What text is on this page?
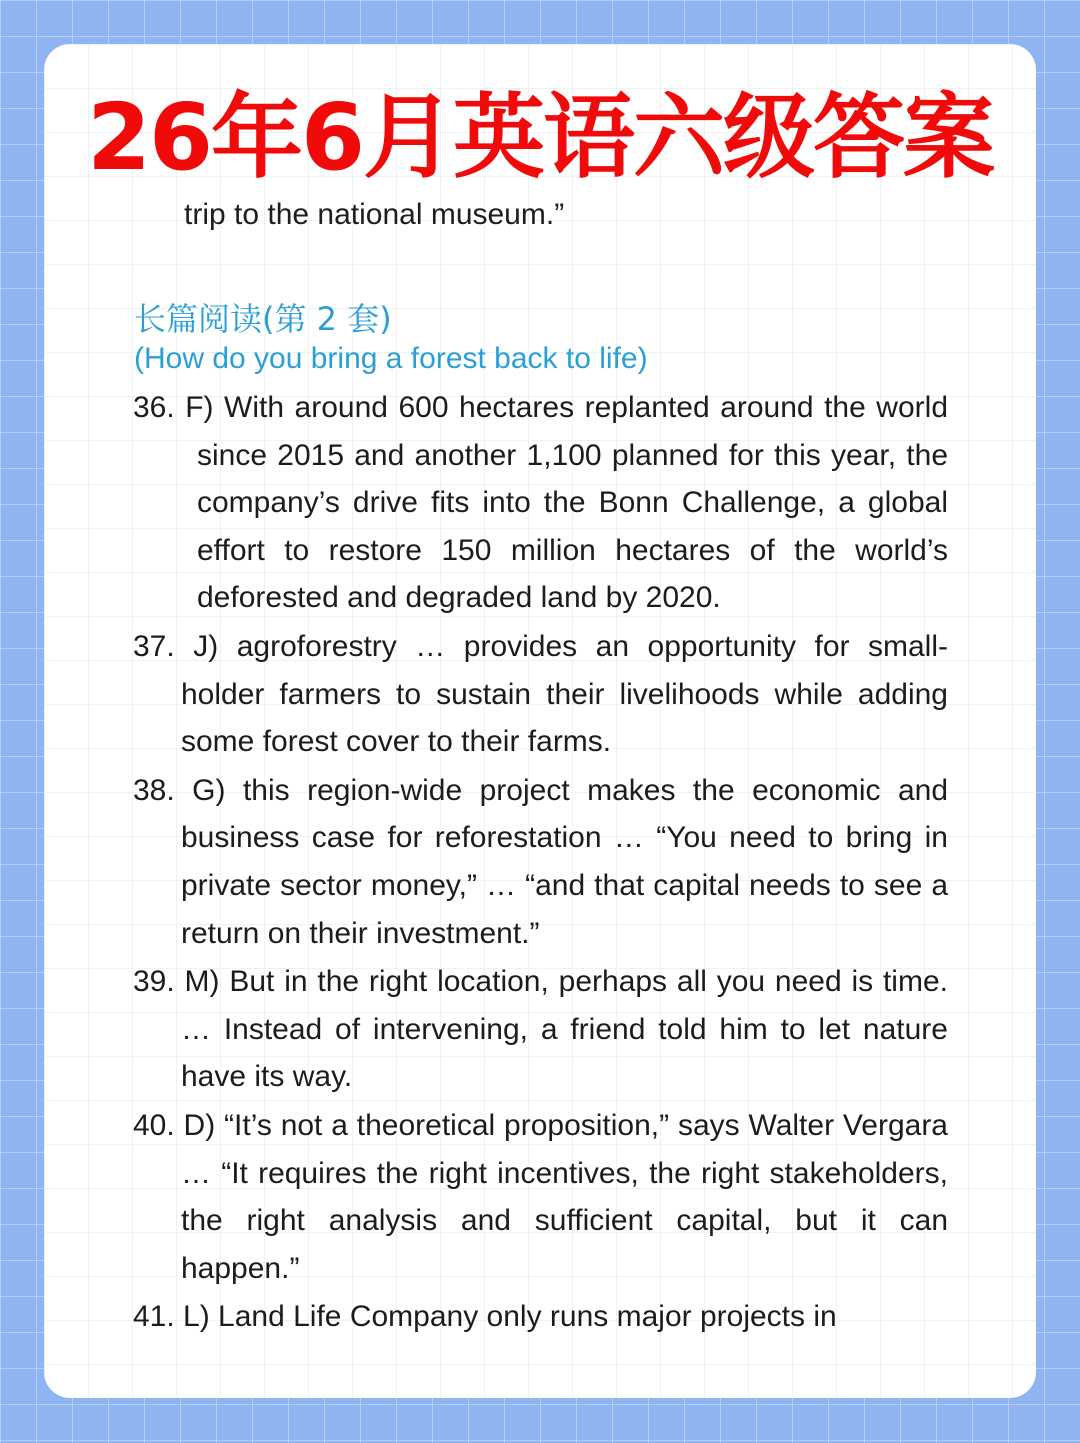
26年6月英语六级答案
trip to the national museum.”
长篇阅读(第 2 套)
(How do you bring a forest back to life)
36. F) With around 600 hectares replanted around the world since 2015 and another 1,100 planned for this year, the company’s drive fits into the Bonn Challenge, a global effort to restore 150 million hectares of the world’s deforested and degraded land by 2020.
37. J) agroforestry … provides an opportunity for small-holder farmers to sustain their livelihoods while adding some forest cover to their farms.
38. G) this region-wide project makes the economic and business case for reforestation … “You need to bring in private sector money,” … “and that capital needs to see a return on their investment.”
39. M) But in the right location, perhaps all you need is time. … Instead of intervening, a friend told him to let nature have its way.
40. D) “It’s not a theoretical proposition,” says Walter Vergara … “It requires the right incentives, the right stakeholders, the right analysis and sufficient capital, but it can happen.”
41. L) Land Life Company only runs major projects in
